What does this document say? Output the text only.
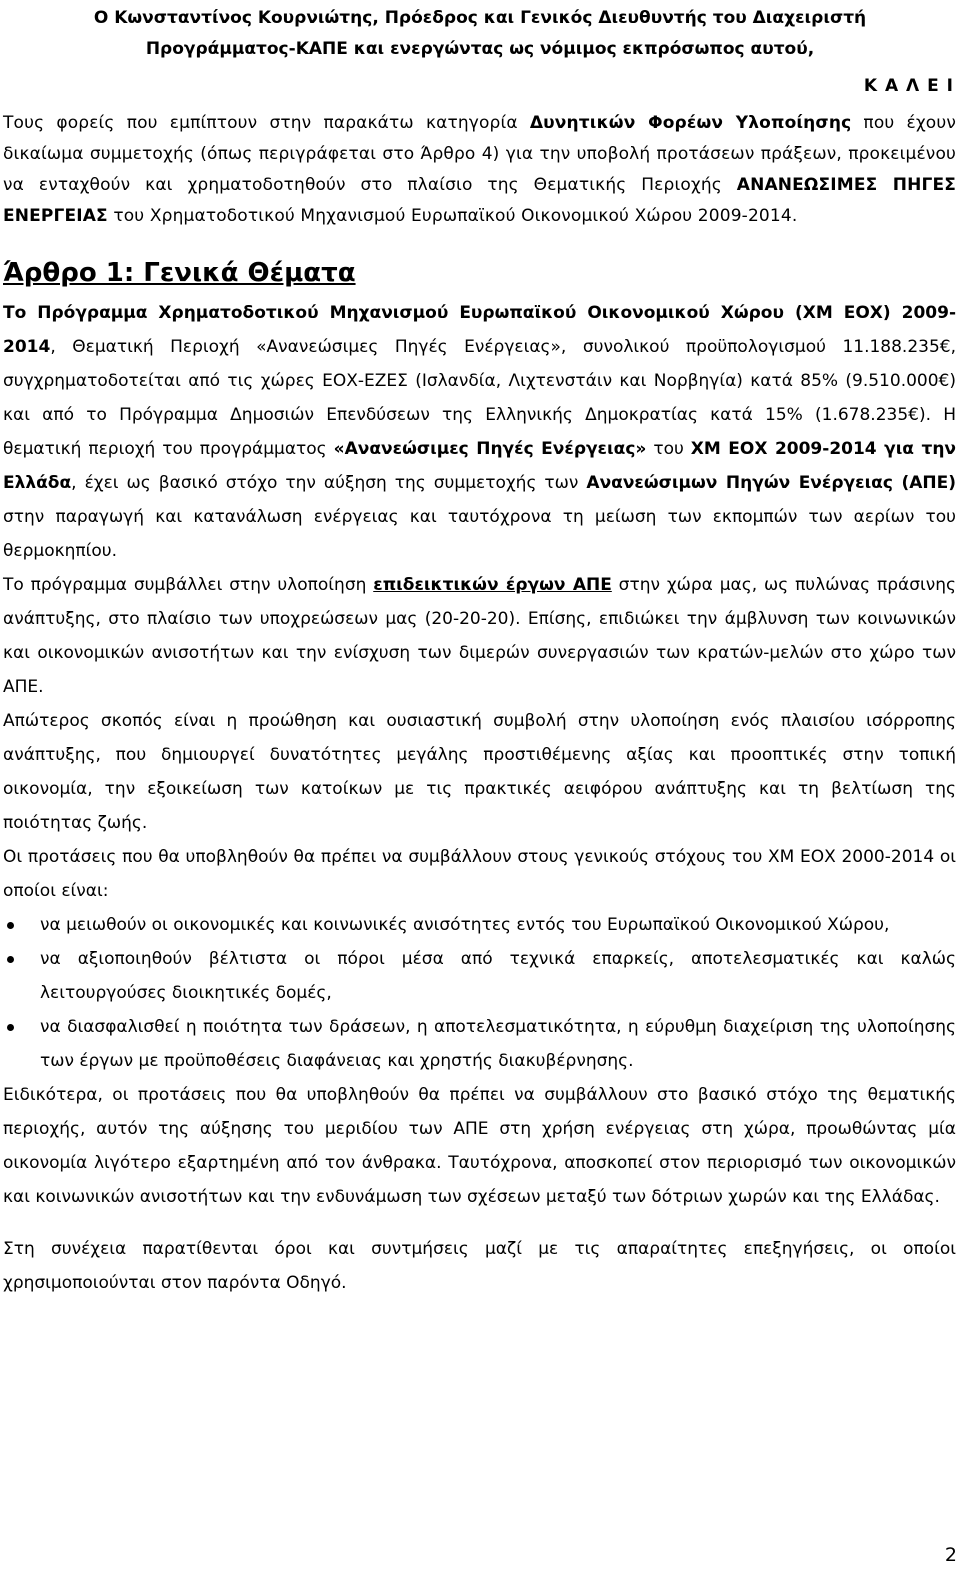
Ο Κωνσταντίνος Κουρνιώτης, Πρόεδρος και Γενικός Διευθυντής του Διαχειριστή
Προγράμματος-ΚΑΠΕ και ενεργώντας ως νόμιμος εκπρόσωπος αυτού,
Κ Α Λ Ε Ι

Τους φορείς που εμπίπτουν στην παρακάτω κατηγορία Δυνητικών Φορέων Υλοποίησης που έχουν δικαίωμα συμμετοχής (όπως περιγράφεται στο Άρθρο 4) για την υποβολή προτάσεων πράξεων, προκειμένου να ενταχθούν και χρηματοδοτηθούν στο πλαίσιο της Θεματικής Περιοχής ΑΝΑΝΕΩΣΙΜΕΣ ΠΗΓΕΣ ΕΝΕΡΓΕΙΑΣ του Χρηματοδοτικού Μηχανισμού Ευρωπαϊκού Οικονομικού Χώρου 2009-2014.

Άρθρο 1: Γενικά Θέματα

Το Πρόγραμμα Χρηματοδοτικού Μηχανισμού Ευρωπαϊκού Οικονομικού Χώρου (ΧΜ ΕΟΧ) 2009-2014, Θεματική Περιοχή «Ανανεώσιμες Πηγές Ενέργειας», συνολικού προϋπολογισμού 11.188.235€, συγχρηματοδοτείται από τις χώρες ΕΟΧ-ΕΖΕΣ (Ισλανδία, Λιχτενστάιν και Νορβηγία) κατά 85% (9.510.000€) και από το Πρόγραμμα Δημοσιών Επενδύσεων της Ελληνικής Δημοκρατίας κατά 15% (1.678.235€). Η θεματική περιοχή του προγράμματος «Ανανεώσιμες Πηγές Ενέργειας» του ΧΜ ΕΟΧ 2009-2014 για την Ελλάδα, έχει ως βασικό στόχο την αύξηση της συμμετοχής των Ανανεώσιμων Πηγών Ενέργειας (ΑΠΕ) στην παραγωγή και κατανάλωση ενέργειας και ταυτόχρονα τη μείωση των εκπομπών των αερίων του θερμοκηπίου.

Το πρόγραμμα συμβάλλει στην υλοποίηση επιδεικτικών έργων ΑΠΕ στην χώρα μας, ως πυλώνας πράσινης ανάπτυξης, στο πλαίσιο των υποχρεώσεων μας (20-20-20). Επίσης, επιδιώκει την άμβλυνση των κοινωνικών και οικονομικών ανισοτήτων και την ενίσχυση των διμερών συνεργασιών των κρατών-μελών στο χώρο των ΑΠΕ.

Απώτερος σκοπός είναι η προώθηση και ουσιαστική συμβολή στην υλοποίηση ενός πλαισίου ισόρροπης ανάπτυξης, που δημιουργεί δυνατότητες μεγάλης προστιθέμενης αξίας και προοπτικές στην τοπική οικονομία, την εξοικείωση των κατοίκων με τις πρακτικές αειφόρου ανάπτυξης και τη βελτίωση της ποιότητας ζωής.

Οι προτάσεις που θα υποβληθούν θα πρέπει να συμβάλλουν στους γενικούς στόχους του ΧΜ ΕΟΧ 2000-2014 οι οποίοι είναι:

να μειωθούν οι οικονομικές και κοινωνικές ανισότητες εντός του Ευρωπαϊκού Οικονομικού Χώρου,
να αξιοποιηθούν βέλτιστα οι πόροι μέσα από τεχνικά επαρκείς, αποτελεσματικές και καλώς λειτουργούσες διοικητικές δομές,
να διασφαλισθεί η ποιότητα των δράσεων, η αποτελεσματικότητα, η εύρυθμη διαχείριση της υλοποίησης των έργων με προϋποθέσεις διαφάνειας και χρηστής διακυβέρνησης.

Ειδικότερα, οι προτάσεις που θα υποβληθούν θα πρέπει να συμβάλλουν στο βασικό στόχο της θεματικής περιοχής, αυτόν της αύξησης του μεριδίου των ΑΠΕ στη χρήση ενέργειας στη χώρα, προωθώντας μία οικονομία λιγότερο εξαρτημένη από τον άνθρακα. Ταυτόχρονα, αποσκοπεί στον περιορισμό των οικονομικών και κοινωνικών ανισοτήτων και την ενδυνάμωση των σχέσεων μεταξύ των δότριων χωρών και της Ελλάδας.

Στη συνέχεια παρατίθενται όροι και συντμήσεις μαζί με τις απαραίτητες επεξηγήσεις, οι οποίοι χρησιμοποιούνται στον παρόντα Οδηγό.

2
